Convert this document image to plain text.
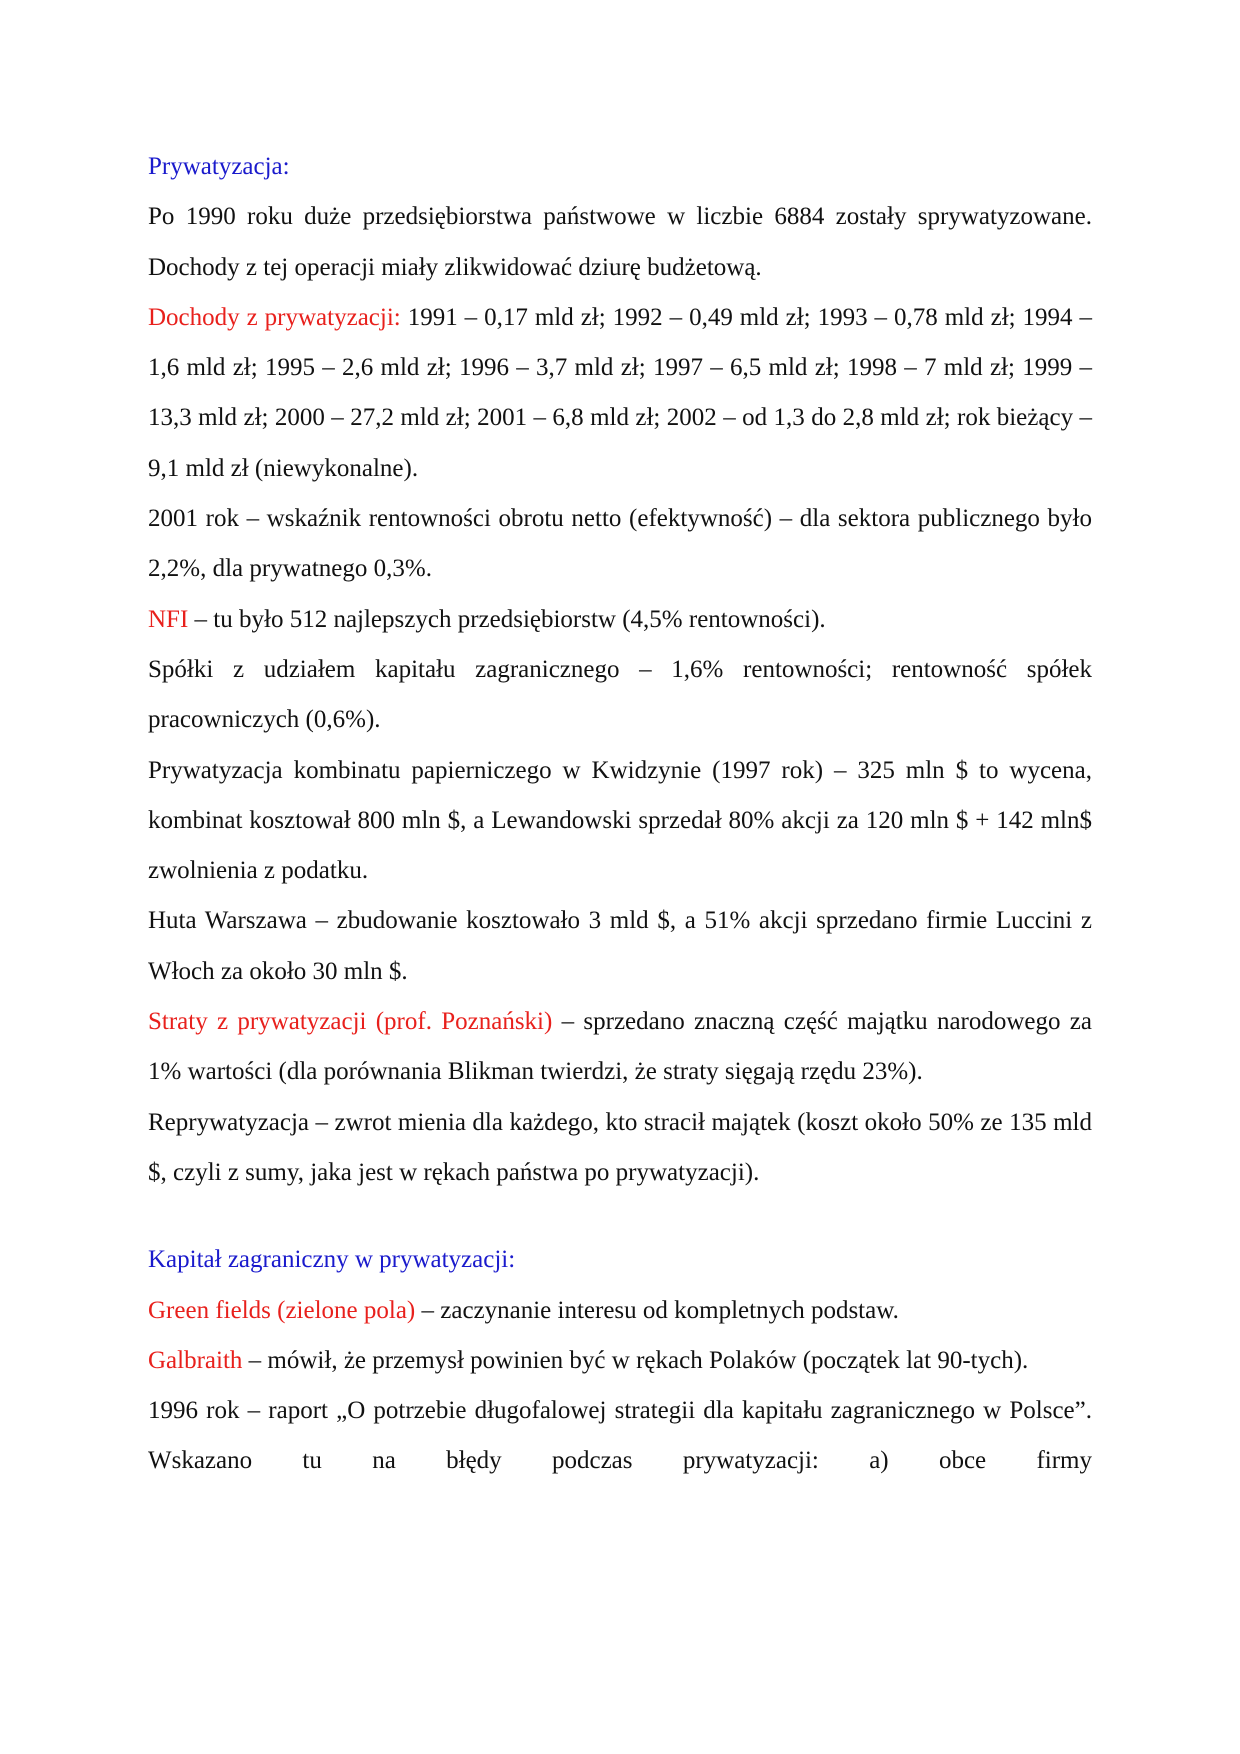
Prywatyzacja:

Po 1990 roku duże przedsiębiorstwa państwowe w liczbie 6884 zostały sprywatyzowane. Dochody z tej operacji miały zlikwidować dziurę budżetową.

Dochody z prywatyzacji: 1991 – 0,17 mld zł; 1992 – 0,49 mld zł; 1993 – 0,78 mld zł; 1994 – 1,6 mld zł; 1995 – 2,6 mld zł; 1996 – 3,7 mld zł; 1997 – 6,5 mld zł; 1998 – 7 mld zł; 1999 – 13,3 mld zł; 2000 – 27,2 mld zł; 2001 – 6,8 mld zł; 2002 – od 1,3 do 2,8 mld zł; rok bieżący – 9,1 mld zł (niewykonalne).

2001 rok – wskaźnik rentowności obrotu netto (efektywność) – dla sektora publicznego było 2,2%, dla prywatnego 0,3%.

NFI – tu było 512 najlepszych przedsiębiorstw (4,5% rentowności).

Spółki z udziałem kapitału zagranicznego – 1,6% rentowności; rentowność spółek pracowniczych (0,6%).

Prywatyzacja kombinatu papierniczego w Kwidzynie (1997 rok) – 325 mln $ to wycena, kombinat kosztował 800 mln $, a Lewandowski sprzedał 80% akcji za 120 mln $ + 142 mln$ zwolnienia z podatku.

Huta Warszawa – zbudowanie kosztowało 3 mld $, a 51% akcji sprzedano firmie Luccini z Włoch za około 30 mln $.

Straty z prywatyzacji (prof. Poznański) – sprzedano znaczną część majątku narodowego za 1% wartości (dla porównania Blikman twierdzi, że straty sięgają rzędu 23%).

Reprywatyzacja – zwrot mienia dla każdego, kto stracił majątek (koszt około 50% ze 135 mld $, czyli z sumy, jaka jest w rękach państwa po prywatyzacji).

Kapitał zagraniczny w prywatyzacji:

Green fields (zielone pola) – zaczynanie interesu od kompletnych podstaw.

Galbraith – mówił, że przemysł powinien być w rękach Polaków (początek lat 90-tych).

1996 rok – raport „O potrzebie długofalowej strategii dla kapitału zagranicznego w Polsce”. Wskazano tu na błędy podczas prywatyzacji: a) obce firmy
